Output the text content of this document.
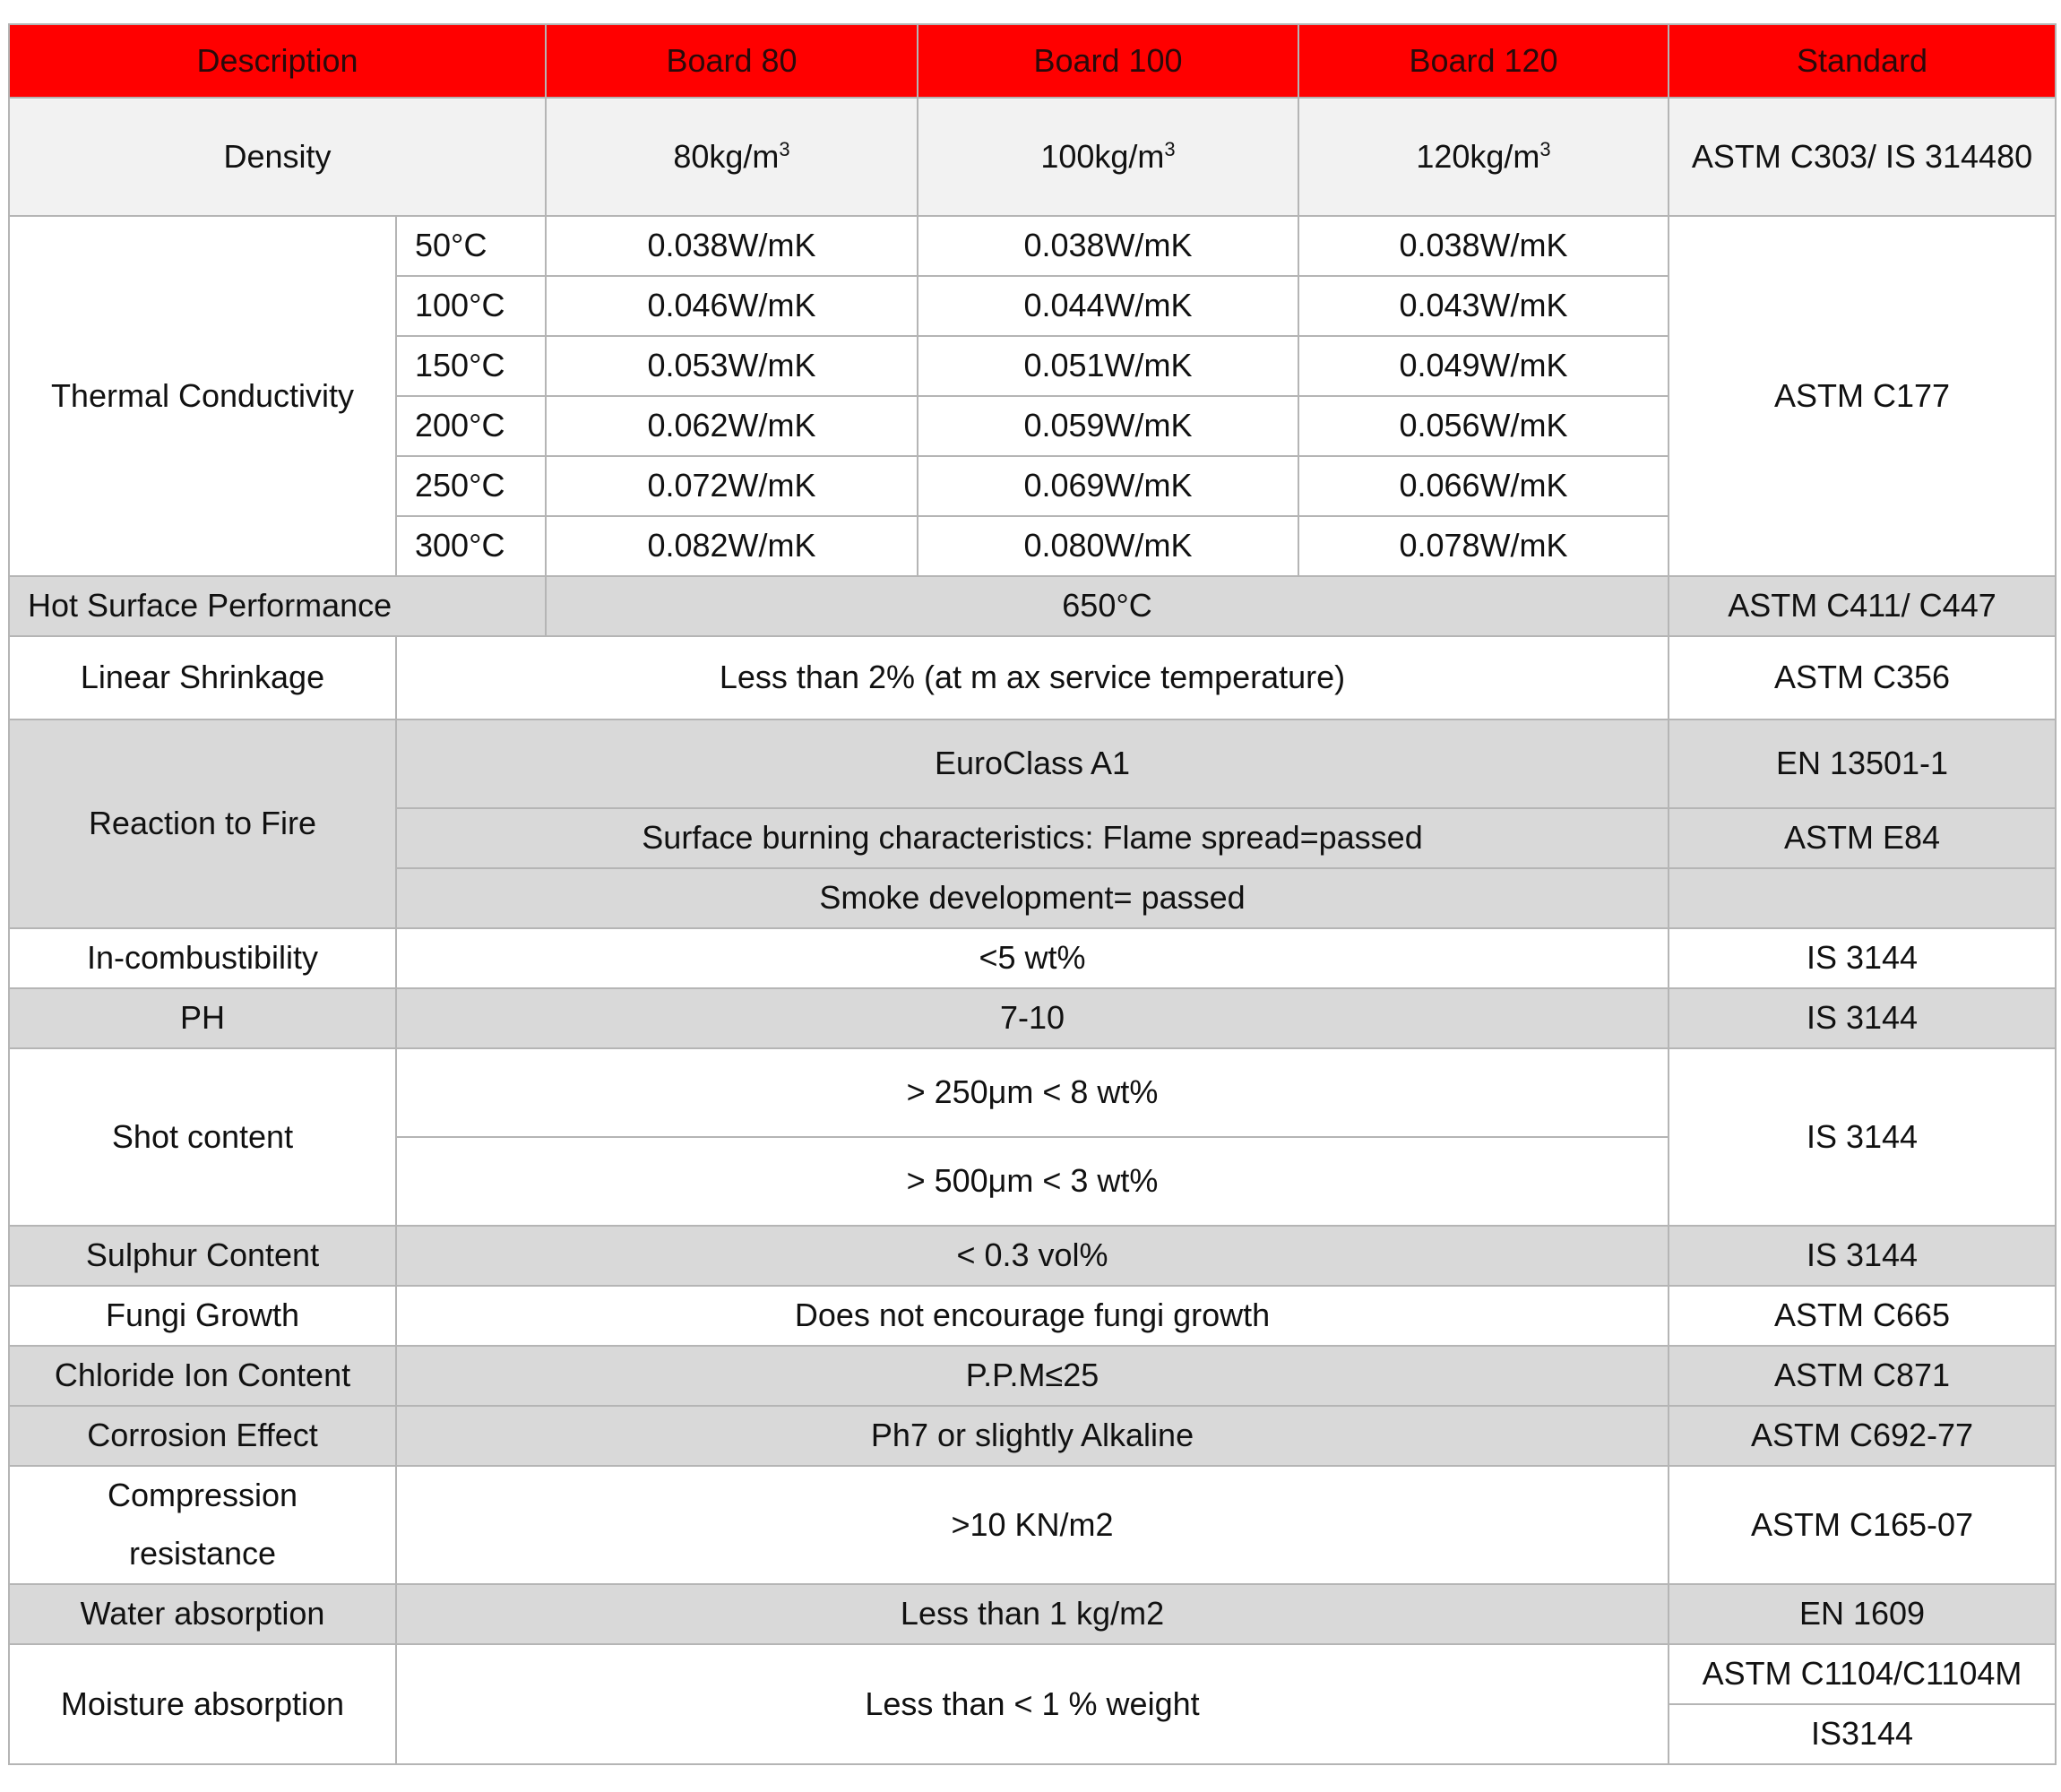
Description		Board 80	Board 100	Board 120	Standard
Density		$80kg/m^3$	$100kg/m^3$	$120kg/m^3$	ASTM C303/ IS 314480
Thermal Conductivity	50°C	0.038W/mK	0.038W/mK	0.038W/mK	ASTM C177
	100°C	0.046W/mK	0.044W/mK	0.043W/mK	
	150°C	0.053W/mK	0.051W/mK	0.049W/mK	
	200°C	0.062W/mK	0.059W/mK	0.056W/mK	
	250°C	0.072W/mK	0.069W/mK	0.066W/mK	
	300°C	0.082W/mK	0.080W/mK	0.078W/mK	
Hot Surface Performance		650°C			ASTM C411/ C447
Linear Shrinkage	Less than 2% (at m ax service temperature)				ASTM C356
Reaction to Fire	EuroClass A1				EN 13501-1
	Surface burning characteristics: Flame spread=passed				ASTM E84
	Smoke development= passed				
In-combustibility	<5 wt%				IS 3144
PH	7-10				IS 3144
Shot content	> 250μm < 8 wt%				IS 3144
	> 500μm < 3 wt%				
Sulphur Content	< 0.3 vol%				IS 3144
Fungi Growth	Does not encourage fungi growth				ASTM C665
Chloride Ion Content	P.P.M≤25				ASTM C871
Corrosion Effect	Ph7 or slightly Alkaline				ASTM C692-77
Compression resistance	>10 KN/m2				ASTM C165-07
Water absorption	Less than 1 kg/m2				EN 1609
Moisture absorption	Less than < 1 % weight				ASTM C1104/C1104M
					IS3144
